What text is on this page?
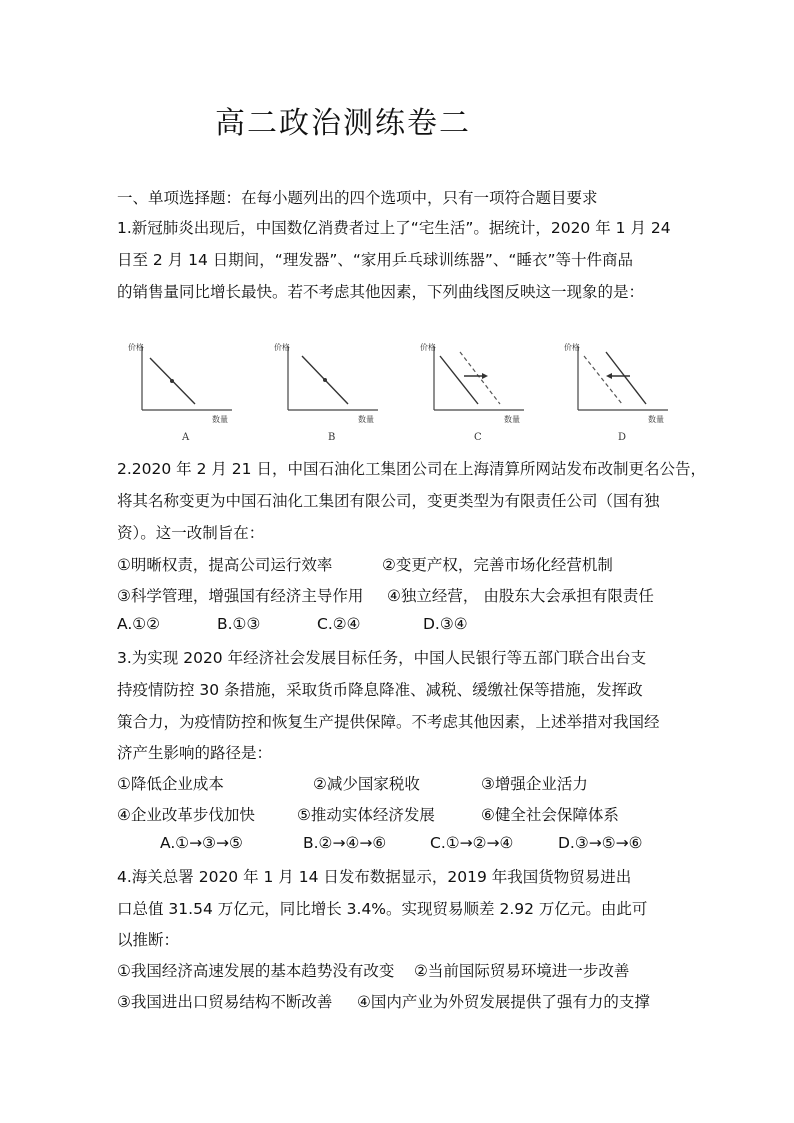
高二政治测练卷二
一、单项选择题：在每小题列出的四个选项中，只有一项符合题目要求
1.新冠肺炎出现后，中国数亿消费者过上了“宅生活”。据统计，2020 年 1 月 24
日至 2 月 14 日期间，“理发器”、“家用乒乓球训练器”、“睡衣”等十件商品
的销售量同比增长最快。若不考虑其他因素，下列曲线图反映这一现象的是：
价格
数量
A
价格
数量
B
价格
数量
C
价格
数量
D
2.2020 年 2 月 21 日，中国石油化工集团公司在上海清算所网站发布改制更名公告，
将其名称变更为中国石油化工集团有限公司，变更类型为有限责任公司（国有独
资）。这一改制旨在：
①明晰权责，提高公司运行效率	②变更产权，完善市场化经营机制
③科学管理，增强国有经济主导作用 ④独立经营， 由股东大会承担有限责任
A.①②	B.①③	C.②④	D.③④
3.为实现 2020 年经济社会发展目标任务，中国人民银行等五部门联合出台支
持疫情防控 30 条措施，采取货币降息降准、减税、缓缴社保等措施，发挥政
策合力，为疫情防控和恢复生产提供保障。不考虑其他因素，上述举措对我国经
济产生影响的路径是：
①降低企业成本	②减少国家税收	③增强企业活力
④企业改革步伐加快	⑤推动实体经济发展	⑥健全社会保障体系
A.①→③→⑤	B.②→④→⑥	C.①→②→④	D.③→⑤→⑥
4.海关总署 2020 年 1 月 14 日发布数据显示，2019 年我国货物贸易进出
口总值 31.54 万亿元，同比增长 3.4%。实现贸易顺差 2.92 万亿元。由此可
以推断：
①我国经济高速发展的基本趋势没有改变 ②当前国际贸易环境进一步改善
③我国进出口贸易结构不断改善 ④国内产业为外贸发展提供了强有力的支撑
